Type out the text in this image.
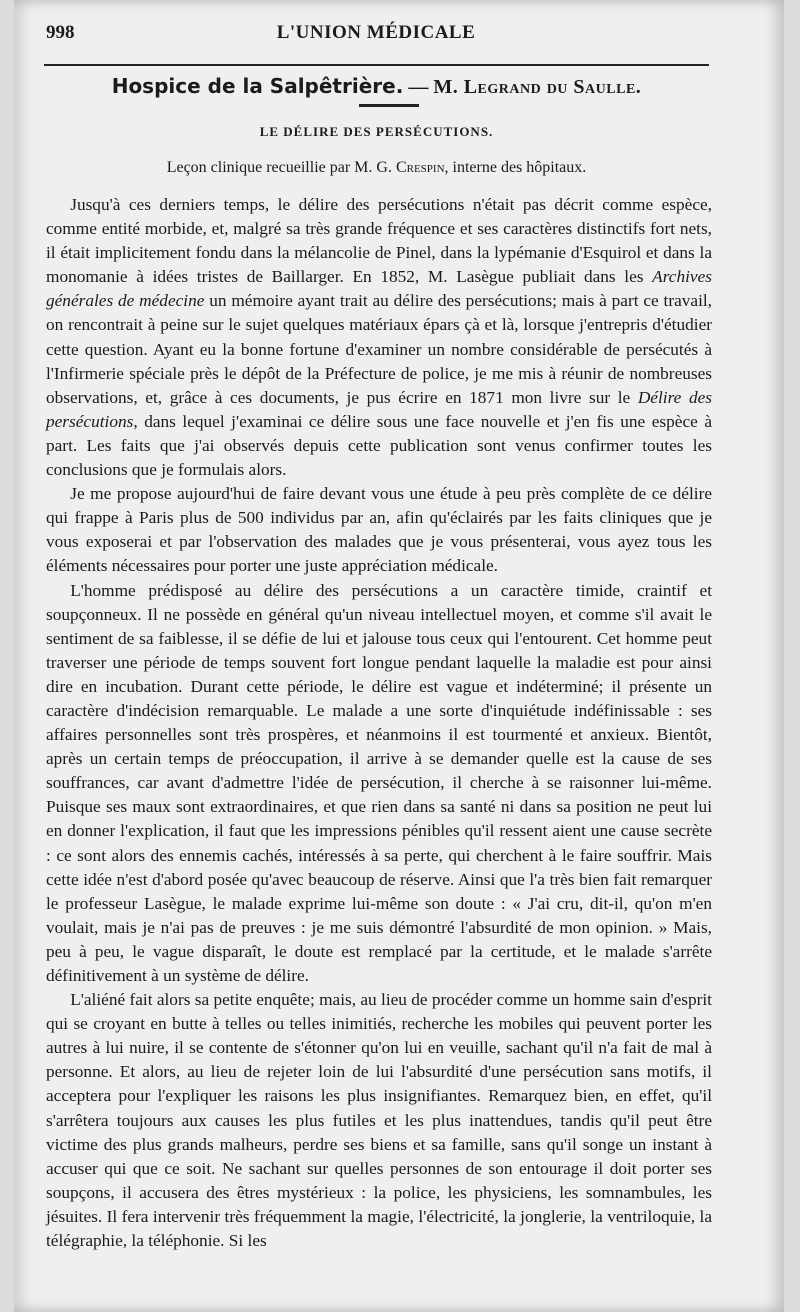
998	L'UNION MÉDICALE
Hospice de la Salpêtrière. — M. Legrand du Saulle.
LE DÉLIRE DES PERSÉCUTIONS.
Leçon clinique recueillie par M. G. Crespin, interne des hôpitaux.

Jusqu'à ces derniers temps, le délire des persécutions n'était pas décrit comme espèce, comme entité morbide, et, malgré sa très grande fréquence et ses caractères distinctifs fort nets, il était implicitement fondu dans la mélancolie de Pinel, dans la lypémanie d'Esquirol et dans la monomanie à idées tristes de Baillarger. En 1852, M. Lasègue publiait dans les Archives générales de médecine un mémoire ayant trait au délire des persécutions; mais à part ce travail, on rencontrait à peine sur le sujet quelques matériaux épars çà et là, lorsque j'entrepris d'étudier cette question. Ayant eu la bonne fortune d'examiner un nombre considérable de persécutés à l'Infirmerie spéciale près le dépôt de la Préfecture de police, je me mis à réunir de nombreuses observations, et, grâce à ces documents, je pus écrire en 1871 mon livre sur le Délire des persécutions, dans lequel j'examinai ce délire sous une face nouvelle et j'en fis une espèce à part. Les faits que j'ai observés depuis cette publication sont venus confirmer toutes les conclusions que je formulais alors.

Je me propose aujourd'hui de faire devant vous une étude à peu près complète de ce délire qui frappe à Paris plus de 500 individus par an, afin qu'éclairés par les faits cliniques que je vous exposerai et par l'observation des malades que je vous présenterai, vous ayez tous les éléments nécessaires pour porter une juste appréciation médicale.

L'homme prédisposé au délire des persécutions a un caractère timide, craintif et soupçonneux. Il ne possède en général qu'un niveau intellectuel moyen, et comme s'il avait le sentiment de sa faiblesse, il se défie de lui et jalouse tous ceux qui l'entourent. Cet homme peut traverser une période de temps souvent fort longue pendant laquelle la maladie est pour ainsi dire en incubation. Durant cette période, le délire est vague et indéterminé; il présente un caractère d'indécision remarquable. Le malade a une sorte d'inquiétude indéfinissable : ses affaires personnelles sont très prospères, et néanmoins il est tourmenté et anxieux. Bientôt, après un certain temps de préoccupation, il arrive à se demander quelle est la cause de ses souffrances, car avant d'admettre l'idée de persécution, il cherche à se raisonner lui-même. Puisque ses maux sont extraordinaires, et que rien dans sa santé ni dans sa position ne peut lui en donner l'explication, il faut que les impressions pénibles qu'il ressent aient une cause secrète : ce sont alors des ennemis cachés, intéressés à sa perte, qui cherchent à le faire souffrir. Mais cette idée n'est d'abord posée qu'avec beaucoup de réserve. Ainsi que l'a très bien fait remarquer le professeur Lasègue, le malade exprime lui-même son doute : « J'ai cru, dit-il, qu'on m'en voulait, mais je n'ai pas de preuves : je me suis démontré l'absurdité de mon opinion. » Mais, peu à peu, le vague disparaît, le doute est remplacé par la certitude, et le malade s'arrête définitivement à un système de délire.

L'aliéné fait alors sa petite enquête; mais, au lieu de procéder comme un homme sain d'esprit qui se croyant en butte à telles ou telles inimitiés, recherche les mobiles qui peuvent porter les autres à lui nuire, il se contente de s'étonner qu'on lui en veuille, sachant qu'il n'a fait de mal à personne. Et alors, au lieu de rejeter loin de lui l'absurdité d'une persécution sans motifs, il acceptera pour l'expliquer les raisons les plus insignifiantes. Remarquez bien, en effet, qu'il s'arrêtera toujours aux causes les plus futiles et les plus inattendues, tandis qu'il peut être victime des plus grands malheurs, perdre ses biens et sa famille, sans qu'il songe un instant à accuser qui que ce soit. Ne sachant sur quelles personnes de son entourage il doit porter ses soupçons, il accusera des êtres mystérieux : la police, les physiciens, les somnambules, les jésuites. Il fera intervenir très fréquemment la magie, l'électricité, la jonglerie, la ventriloquie, la télégraphie, la téléphonie. Si les
